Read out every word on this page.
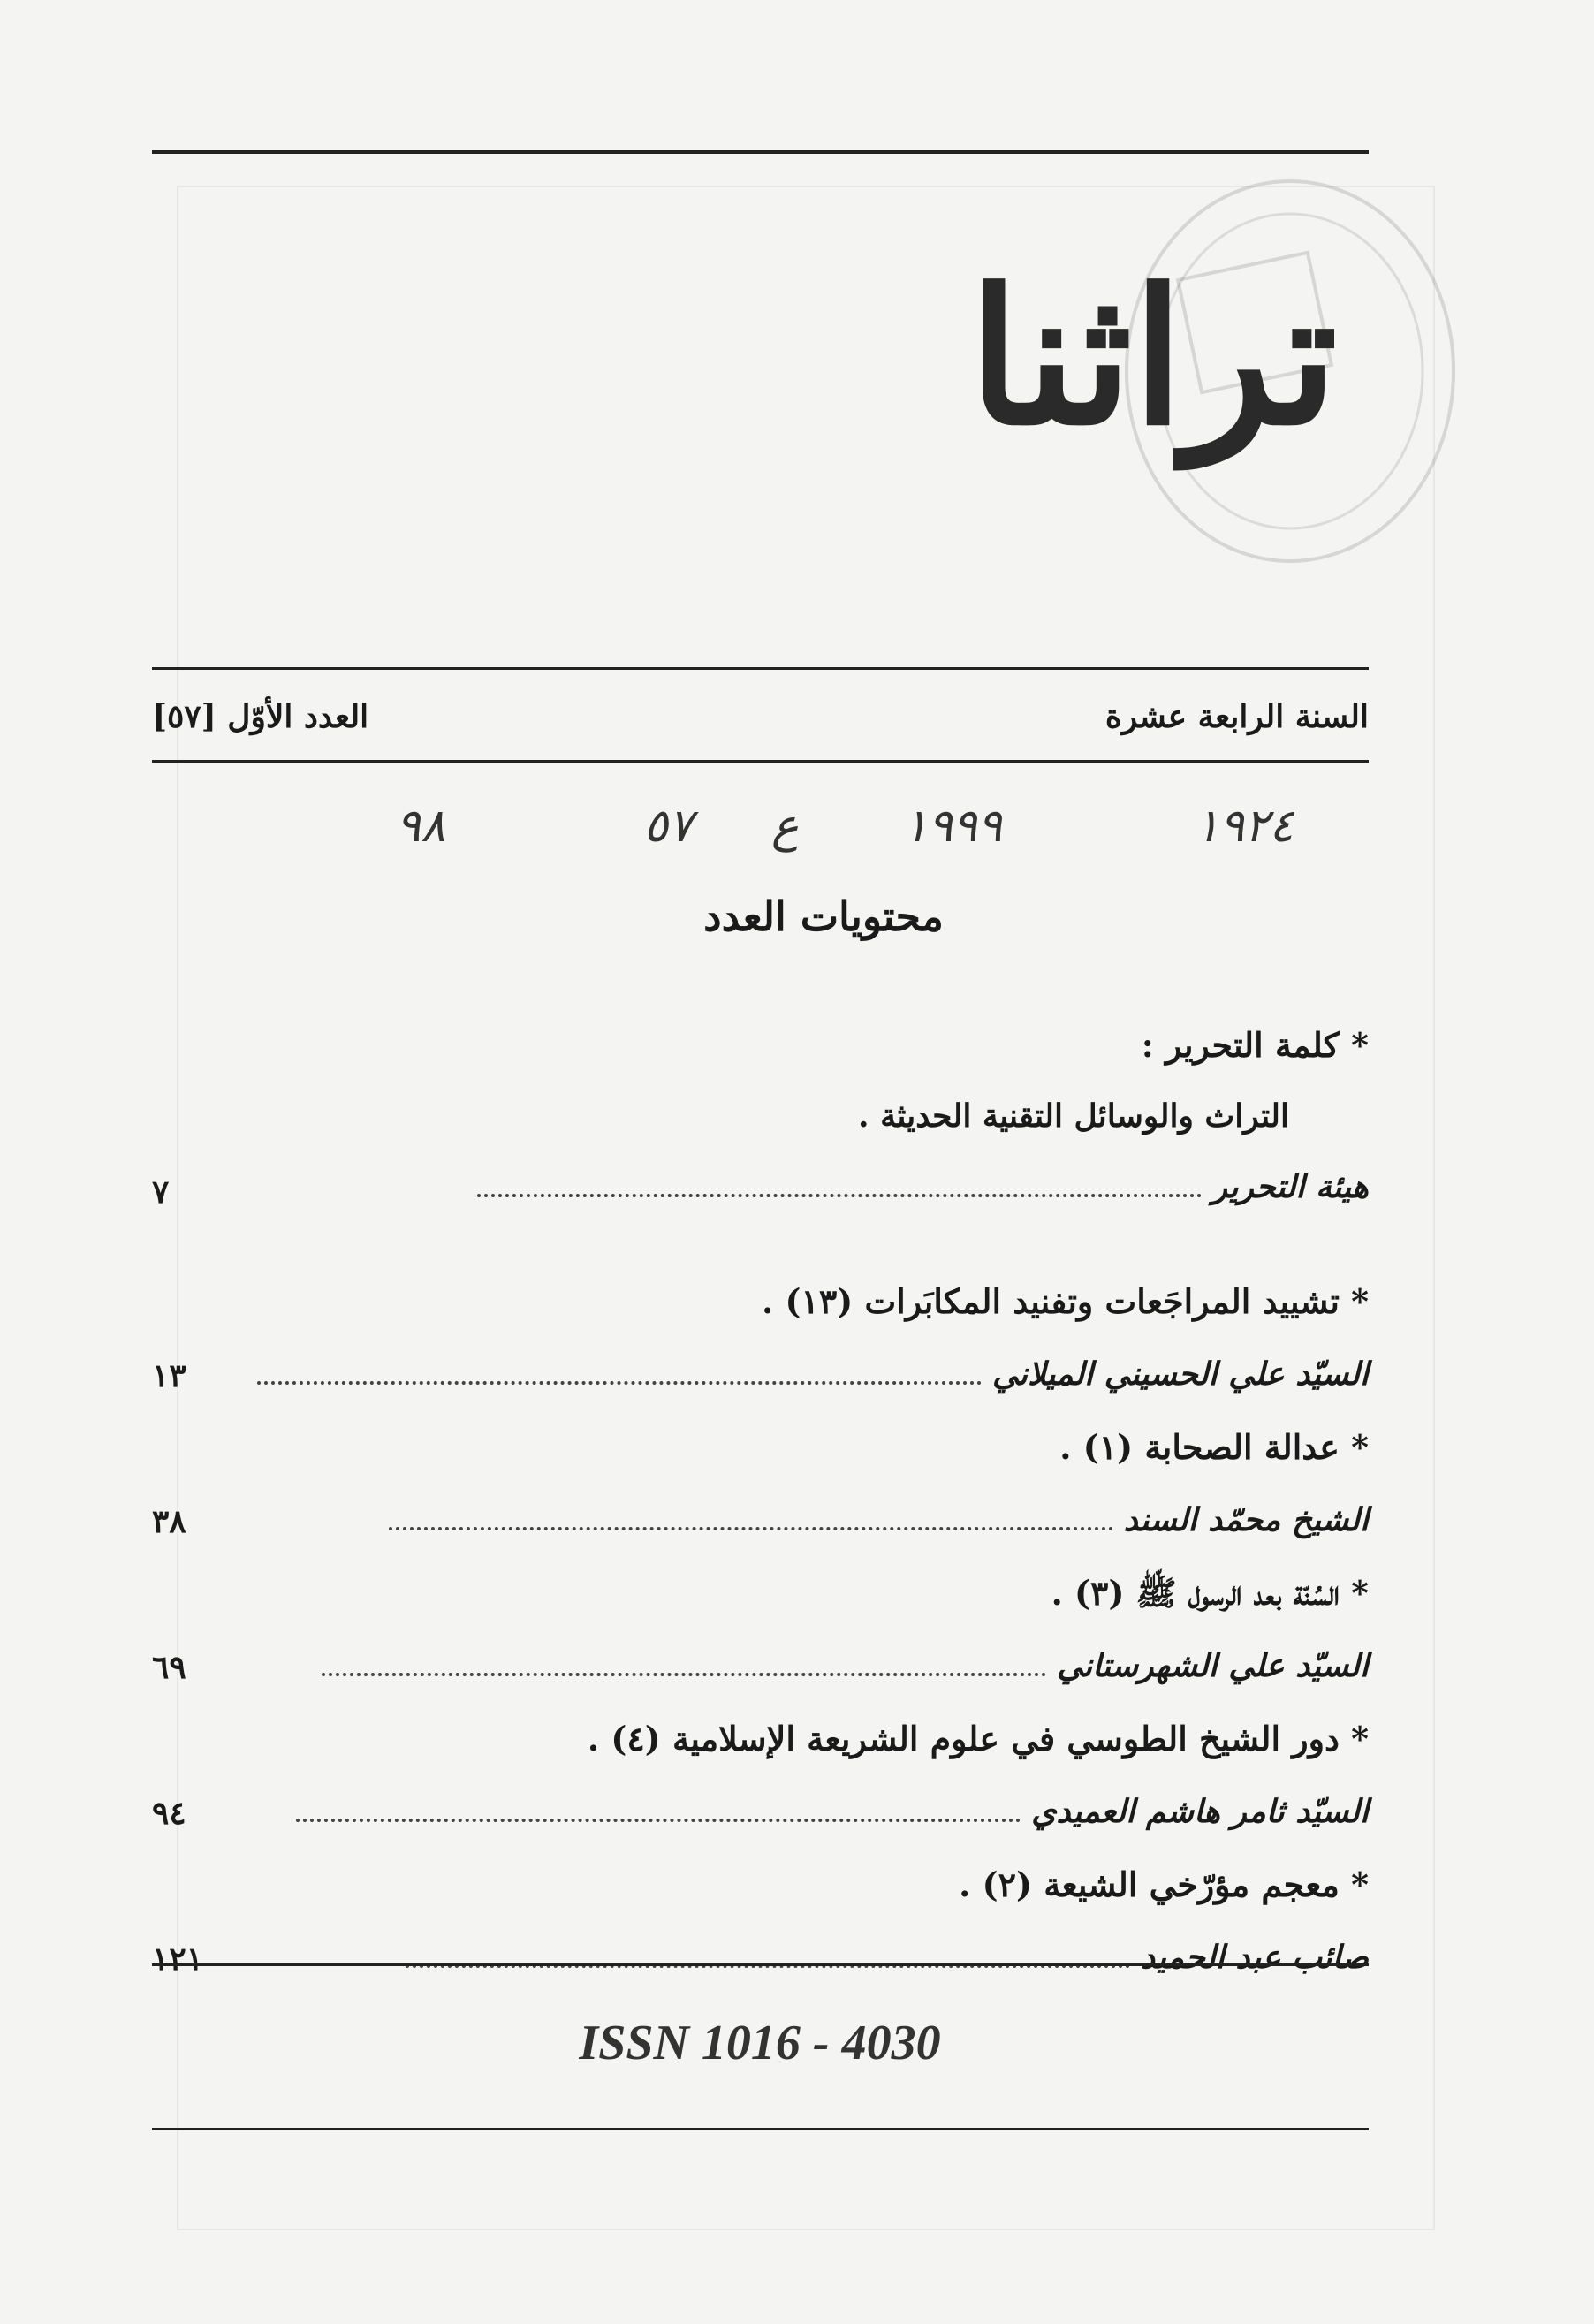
تراثنا
العدد الأوّل [٥٧]	السنة الرابعة عشرة
١٩٢٤
١٩٩٩
ع
٥٧
٩٨
محتويات العدد
* كلمة التحرير :
التراث والوسائل التقنية الحديثة .
هيئة التحرير
٧
* تشييد المراجَعات وتفنيد المكابَرات (١٣) .
السيّد علي الحسيني الميلاني
١٣
* عدالة الصحابة (١) .
الشيخ محمّد السند
٣٨
* السُنّة بعد الرسول ﷺ (٣) .
السيّد علي الشهرستاني
٦٩
* دور الشيخ الطوسي في علوم الشريعة الإسلامية (٤) .
السيّد ثامر هاشم العميدي
٩٤
* معجم مؤرّخي الشيعة (٢) .
صائب عبد الحميد
١٢١
ISSN 1016 - 4030
